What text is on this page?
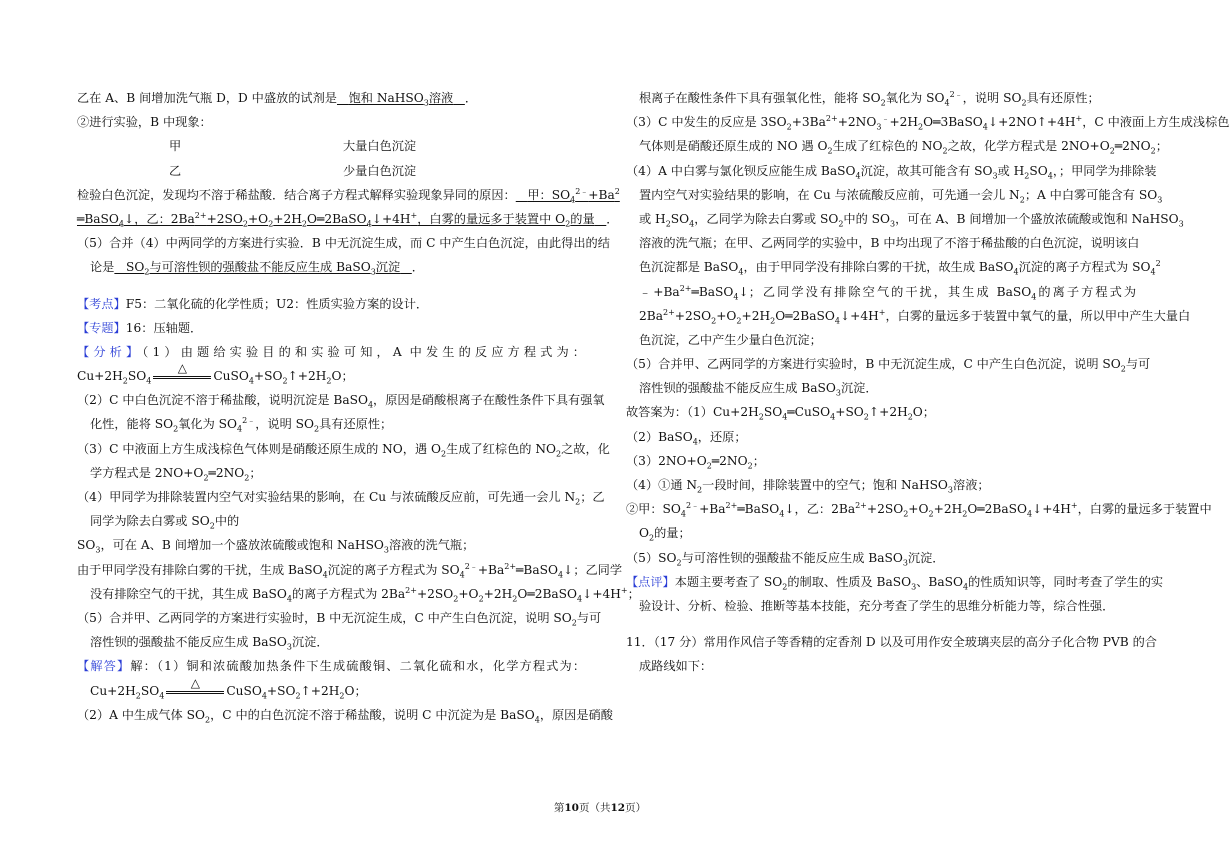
乙在 A、B 间增加洗气瓶 D，D 中盛放的试剂是 饱和 NaHSO$_3$溶液 ．
②进行实验，B 中现象：
甲	大量白色沉淀
乙	少量白色沉淀
检验白色沉淀，发现均不溶于稀盐酸．结合离子方程式解释实验现象异同的原因： 甲：$SO_4^{2﹣}+Ba^2$
═BaSO$_4$↓，乙：$2Ba^{2+}+2SO_2+O_2+2H_2O═2BaSO_4↓+4H^+$，白雾的量远多于装置中 $O_2$的量 ．
（5）合并（4）中两同学的方案进行实验．B 中无沉淀生成，而 C 中产生白色沉淀，由此得出的结
论是 $SO_2$与可溶性钡的强酸盐不能反应生成 BaSO$_3$沉淀 ．
【考点】F5：二氧化硫的化学性质；U2：性质实验方案的设计．
【专题】16：压轴题．
【分析】（1）由题给实验目的和实验可知，A 中发生的反应方程式为：
$Cu+2H_2SO_4$
△
$CuSO_4+SO_2↑+2H_2O$；
（2）C 中白色沉淀不溶于稀盐酸，说明沉淀是 BaSO$_4$，原因是硝酸根离子在酸性条件下具有强氧
化性，能将 $SO_2$氧化为 $SO_4^{2﹣}$，说明 $SO_2$具有还原性；
（3）C 中液面上方生成浅棕色气体则是硝酸还原生成的 NO，遇 $O_2$生成了红棕色的 $NO_2$之故，化
学方程式是 $2NO+O_2═2NO_2$；
（4）甲同学为排除装置内空气对实验结果的影响，在 Cu 与浓硫酸反应前，可先通一会儿 $N_2$；乙
同学为除去白雾或 $SO_2$中的
$SO_3$，可在 A、B 间增加一个盛放浓硫酸或饱和 NaHSO$_3$溶液的洗气瓶；
由于甲同学没有排除白雾的干扰，生成 BaSO$_4$沉淀的离子方程式为 $SO_4^{2﹣}+Ba^{2+}═BaSO_4↓$；乙同学
没有排除空气的干扰，其生成 BaSO$_4$的离子方程式为 $2Ba^{2+}+2SO_2+O_2+2H_2O═2BaSO_4↓+4H^+$；
（5）合并甲、乙两同学的方案进行实验时，B 中无沉淀生成，C 中产生白色沉淀，说明 $SO_2$与可
溶性钡的强酸盐不能反应生成 BaSO$_3$沉淀．
【解答】解：（1）铜和浓硫酸加热条件下生成硫酸铜、二氧化硫和水，化学方程式为：
$Cu+2H_2SO_4$
△
$CuSO_4+SO_2↑+2H_2O$；
（2）A 中生成气体 $SO_2$，C 中的白色沉淀不溶于稀盐酸，说明 C 中沉淀为是 BaSO$_4$，原因是硝酸
根离子在酸性条件下具有强氧化性，能将 $SO_2$氧化为 $SO_4^{2﹣}$，说明 $SO_2$具有还原性；
（3）C 中发生的反应是 $3SO_2+3Ba^{2+}+2NO_3^﹣+2H_2O═3BaSO_4↓+2NO↑+4H^+$，C 中液面上方生成浅棕色
气体则是硝酸还原生成的 NO 遇 $O_2$生成了红棕色的 $NO_2$之故，化学方程式是 $2NO+O_2═2NO_2$；
（4）A 中白雾与氯化钡反应能生成 BaSO$_4$沉淀，故其可能含有 $SO_3$或 $H_2SO_4$，；甲同学为排除装
置内空气对实验结果的影响，在 Cu 与浓硫酸反应前，可先通一会儿 $N_2$；A 中白雾可能含有 $SO_3$
或 $H_2SO_4$，乙同学为除去白雾或 $SO_2$中的 $SO_3$，可在 A、B 间增加一个盛放浓硫酸或饱和 NaHSO$_3$
溶液的洗气瓶；在甲、乙两同学的实验中，B 中均出现了不溶于稀盐酸的白色沉淀，说明该白
色沉淀都是 BaSO$_4$，由于甲同学没有排除白雾的干扰，故生成 BaSO$_4$沉淀的离子方程式为 $SO_4^2$
$﹣+Ba^{2+}═BaSO_4↓$；乙同学没有排除空气的干扰，其生成 BaSO$_4$的离子方程式为
$2Ba^{2+}+2SO_2+O_2+2H_2O═2BaSO_4↓+4H^+$，白雾的量远多于装置中氧气的量，所以甲中产生大量白
色沉淀，乙中产生少量白色沉淀；
（5）合并甲、乙两同学的方案进行实验时，B 中无沉淀生成，C 中产生白色沉淀，说明 $SO_2$与可
溶性钡的强酸盐不能反应生成 BaSO$_3$沉淀．
故答案为：$(1)Cu+2H_2SO_4═CuSO_4+SO_2↑+2H_2O$；
（2）BaSO$_4$，还原；
$(3)2NO+O_2═2NO_2$；
（4）①通 $N_2$一段时间，排除装置中的空气；饱和 NaHSO$_3$溶液；
②甲：$SO_4^{2﹣}+Ba^{2+}═BaSO_4↓$，乙：$2Ba^{2+}+2SO_2+O_2+2H_2O═2BaSO_4↓+4H^+$，白雾的量远多于装置中
$O_2$的量；
$(5)SO_2$与可溶性钡的强酸盐不能反应生成 BaSO$_3$沉淀．
【点评】本题主要考查了 $SO_2$的制取、性质及 BaSO$_3$、BaSO$_4$的性质知识等，同时考查了学生的实
验设计、分析、检验、推断等基本技能，充分考查了学生的思维分析能力等，综合性强．
11．（17 分）常用作风信子等香精的定香剂 D 以及可用作安全玻璃夹层的高分子化合物 PVB 的合
成路线如下：
第10页（共12页）
